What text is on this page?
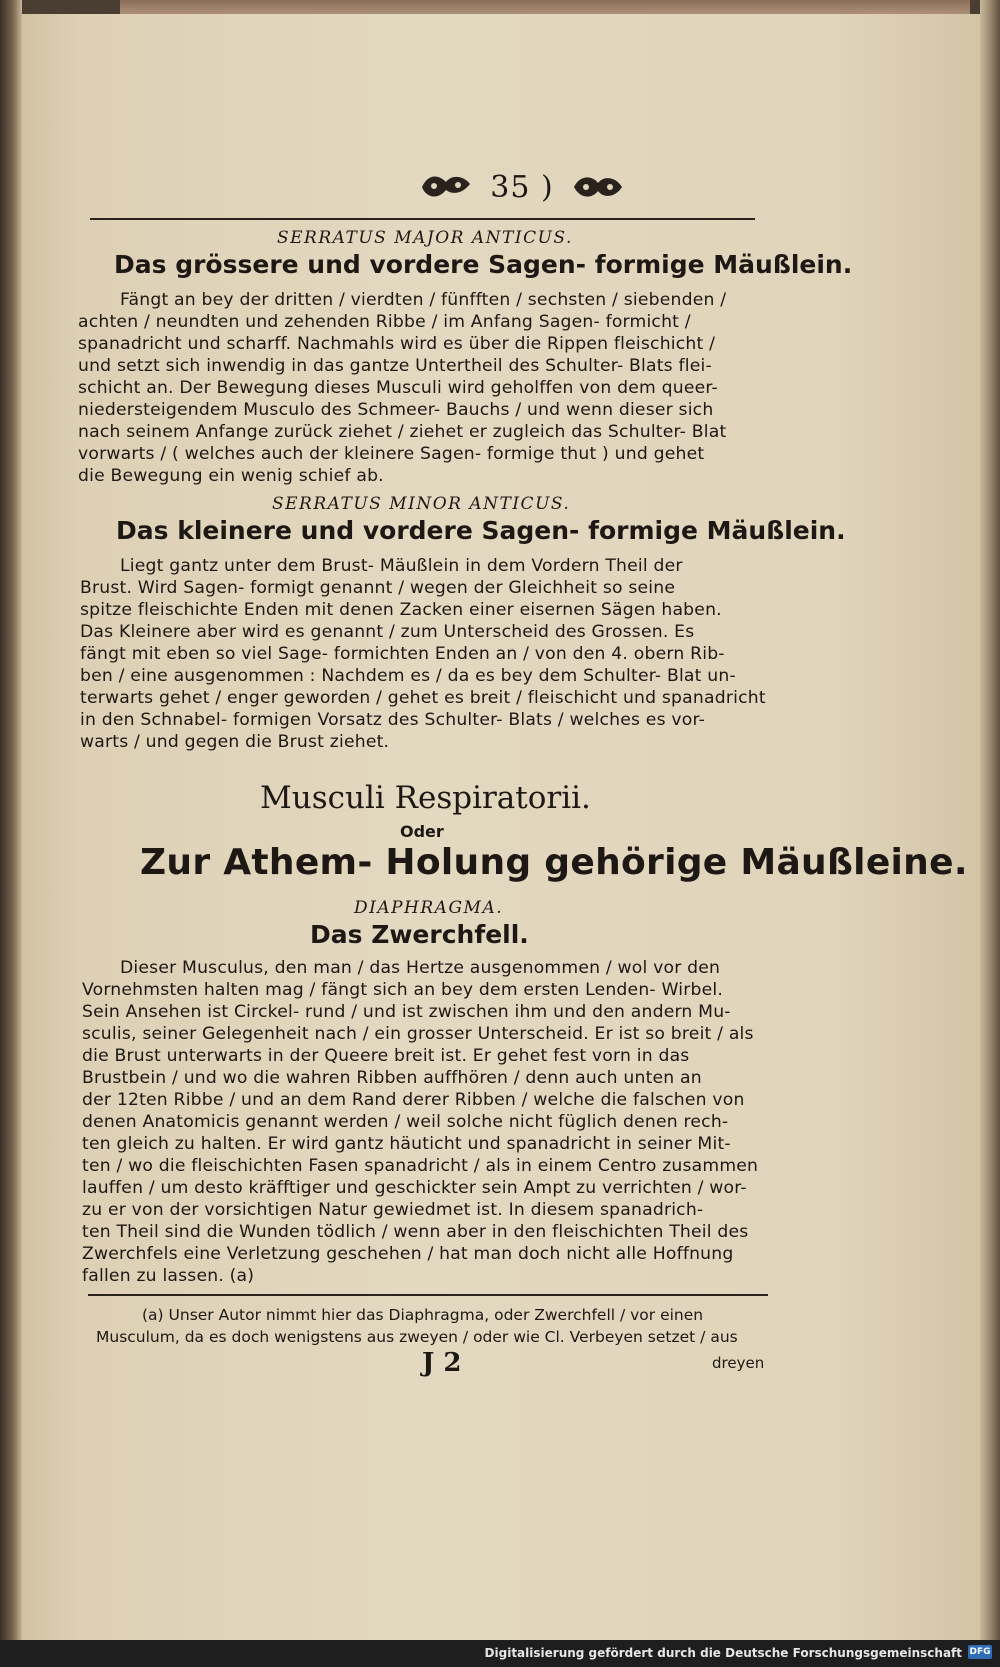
35 )
SERRATUS MAJOR ANTICUS.
Das grössere und vordere Sagen- formige Mäußlein.
Fängt an bey der dritten / vierdten / fünfften / sechsten / siebenden /
achten / neundten und zehenden Ribbe / im Anfang Sagen- formicht /
spanadricht und scharff. Nachmahls wird es über die Rippen fleischicht /
und setzt sich inwendig in das gantze Untertheil des Schulter- Blats flei-
schicht an. Der Bewegung dieses Musculi wird geholffen von dem queer-
niedersteigendem Musculo des Schmeer- Bauchs / und wenn dieser sich
nach seinem Anfange zurück ziehet / ziehet er zugleich das Schulter- Blat
vorwarts / ( welches auch der kleinere Sagen- formige thut ) und gehet
die Bewegung ein wenig schief ab.
SERRATUS MINOR ANTICUS.
Das kleinere und vordere Sagen- formige Mäußlein.
Liegt gantz unter dem Brust- Mäußlein in dem Vordern Theil der
Brust. Wird Sagen- formigt genannt / wegen der Gleichheit so seine
spitze fleischichte Enden mit denen Zacken einer eisernen Sägen haben.
Das Kleinere aber wird es genannt / zum Unterscheid des Grossen. Es
fängt mit eben so viel Sage- formichten Enden an / von den 4. obern Rib-
ben / eine ausgenommen : Nachdem es / da es bey dem Schulter- Blat un-
terwarts gehet / enger geworden / gehet es breit / fleischicht und spanadricht
in den Schnabel- formigen Vorsatz des Schulter- Blats / welches es vor-
warts / und gegen die Brust ziehet.
Musculi Respiratorii.
Oder
Zur Athem- Holung gehörige Mäußleine.
DIAPHRAGMA.
Das Zwerchfell.
Dieser Musculus, den man / das Hertze ausgenommen / wol vor den
Vornehmsten halten mag / fängt sich an bey dem ersten Lenden- Wirbel.
Sein Ansehen ist Circkel- rund / und ist zwischen ihm und den andern Mu-
sculis, seiner Gelegenheit nach / ein grosser Unterscheid. Er ist so breit / als
die Brust unterwarts in der Queere breit ist. Er gehet fest vorn in das
Brustbein / und wo die wahren Ribben auffhören / denn auch unten an
der 12ten Ribbe / und an dem Rand derer Ribben / welche die falschen von
denen Anatomicis genannt werden / weil solche nicht füglich denen rech-
ten gleich zu halten. Er wird gantz häuticht und spanadricht in seiner Mit-
ten / wo die fleischichten Fasen spanadricht / als in einem Centro zusammen
lauffen / um desto kräfftiger und geschickter sein Ampt zu verrichten / wor-
zu er von der vorsichtigen Natur gewiedmet ist. In diesem spanadrich-
ten Theil sind die Wunden tödlich / wenn aber in den fleischichten Theil des
Zwerchfels eine Verletzung geschehen / hat man doch nicht alle Hoffnung
fallen zu lassen. (a)
(a) Unser Autor nimmt hier das Diaphragma, oder Zwerchfell / vor einen
Musculum, da es doch wenigstens aus zweyen / oder wie Cl. Verbeyen setzet / aus
J 2	dreyen
Digitalisierung gefördert durch die Deutsche Forschungsgemeinschaft DFG
